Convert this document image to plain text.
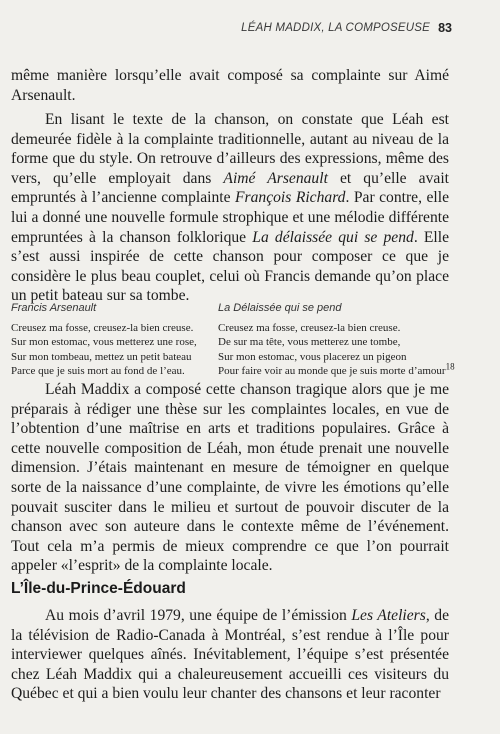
LÉAH MADDIX, LA COMPOSEUSE 83

même manière lorsqu’elle avait composé sa complainte sur Aimé Arsenault.

En lisant le texte de la chanson, on constate que Léah est demeurée fidèle à la complainte traditionnelle, autant au niveau de la forme que du style. On retrouve d’ailleurs des expressions, même des vers, qu’elle employait dans Aimé Arsenault et qu’elle avait empruntés à l’ancienne complainte François Richard. Par contre, elle lui a donné une nouvelle formule strophique et une mélodie différente empruntées à la chanson folklorique La délaissée qui se pend. Elle s’est aussi inspirée de cette chanson pour composer ce que je considère le plus beau couplet, celui où Francis demande qu’on place un petit bateau sur sa tombe.

Francis Arsenault	La Délaissée qui se pend
Creusez ma fosse, creusez-la bien creuse.
Sur mon estomac, vous metterez une rose,
Sur mon tombeau, mettez un petit bateau
Parce que je suis mort au fond de l’eau.
Creusez ma fosse, creusez-la bien creuse.
De sur ma tête, vous metterez une tombe,
Sur mon estomac, vous placerez un pigeon
Pour faire voir au monde que je suis morte d’amour$^{18}$

Léah Maddix a composé cette chanson tragique alors que je me préparais à rédiger une thèse sur les complaintes locales, en vue de l’obtention d’une maîtrise en arts et traditions populaires. Grâce à cette nouvelle composition de Léah, mon étude prenait une nouvelle dimension. J’étais maintenant en mesure de témoigner en quelque sorte de la naissance d’une complainte, de vivre les émotions qu’elle pouvait susciter dans le milieu et surtout de pouvoir discuter de la chanson avec son auteure dans le contexte même de l’événement. Tout cela m’a permis de mieux comprendre ce que l’on pourrait appeler «l’esprit» de la complainte locale.

L’Île-du-Prince-Édouard

Au mois d’avril 1979, une équipe de l’émission Les Ateliers, de la télévision de Radio-Canada à Montréal, s’est rendue à l’Île pour interviewer quelques aînés. Inévitablement, l’équipe s’est présentée chez Léah Maddix qui a chaleureusement accueilli ces visiteurs du Québec et qui a bien voulu leur chanter des chansons et leur raconter
